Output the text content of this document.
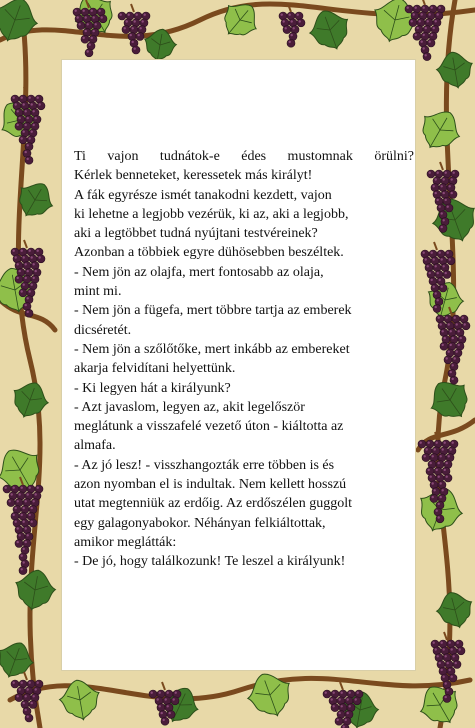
Ti vajon tudnátok-e édes mustomnak örülni?
Kérlek benneteket, keressetek más királyt!
A fák egyrésze ismét tanakodni kezdett, vajon
ki lehetne a legjobb vezérük, ki az, aki a legjobb,
aki a legtöbbet tudná nyújtani testvéreinek?
Azonban a többiek egyre dühösebben beszéltek.
- Nem jön az olajfa, mert fontosabb az olaja,
mint mi.
- Nem jön a fügefa, mert többre tartja az emberek
dicséretét.
- Nem jön a szőlőtőke, mert inkább az embereket
akarja felvidítani helyettünk.
- Ki legyen hát a királyunk?
- Azt javaslom, legyen az, akit legelőször
meglátunk a visszafelé vezető úton - kiáltotta az
almafa.
- Az jó lesz! - visszhangozták erre többen is és
azon nyomban el is indultak. Nem kellett hosszú
utat megtenniük az erdőig. Az erdőszélen guggolt
egy galagonyabokor. Néhányan felkiáltottak,
amikor meglátták:
- De jó, hogy találkozunk! Te leszel a királyunk!
